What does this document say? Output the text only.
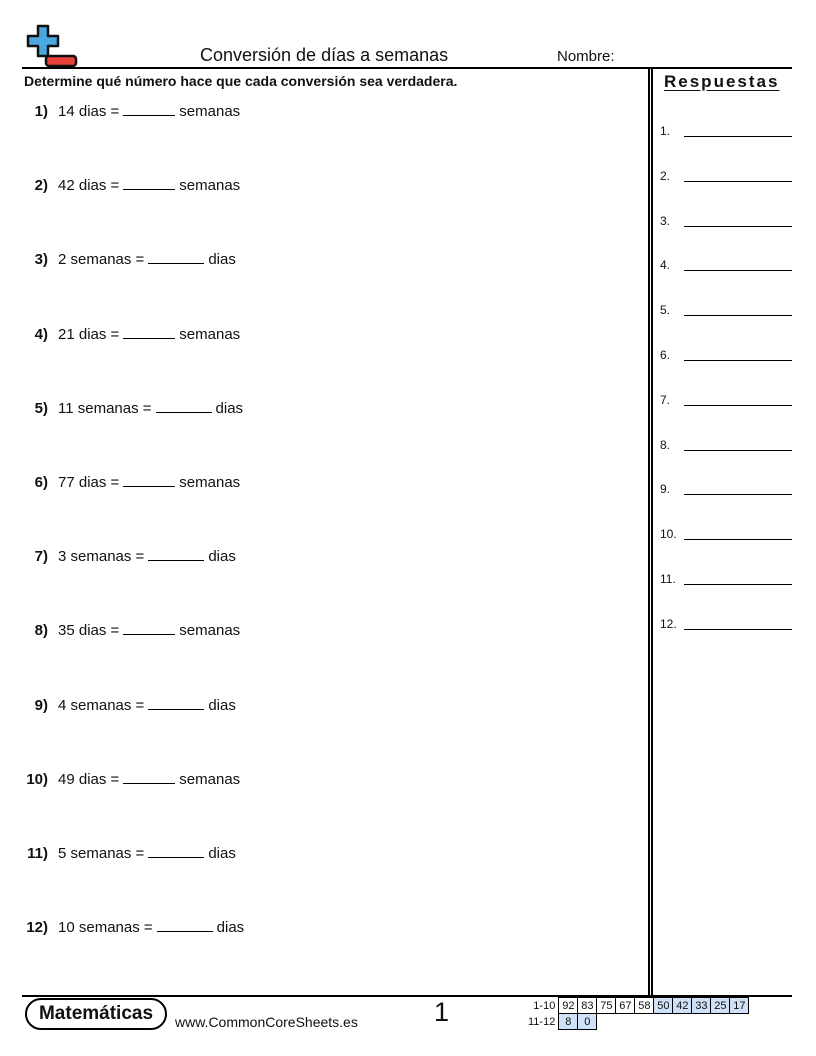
Conversión de días a semanas	Nombre:
Determine qué número hace que cada conversión sea verdadera.
1) 14 dias =	semanas
2) 42 dias =	semanas
3) 2 semanas =	dias
4) 21 dias =	semanas
5) 11 semanas =	dias
6) 77 dias =	semanas
7) 3 semanas =	dias
8) 35 dias =	semanas
9) 4 semanas =	dias
10) 49 dias =	semanas
11) 5 semanas =	dias
12) 10 semanas =	dias
Respuestas
1.
2.
3.
4.
5.
6.
7.
8.
9.
10.
11.
12.
Matemáticas	www.CommonCoreSheets.es	1	1-10	92	83	75	67	58	50	42	33	25	17
11-12	8	0								
